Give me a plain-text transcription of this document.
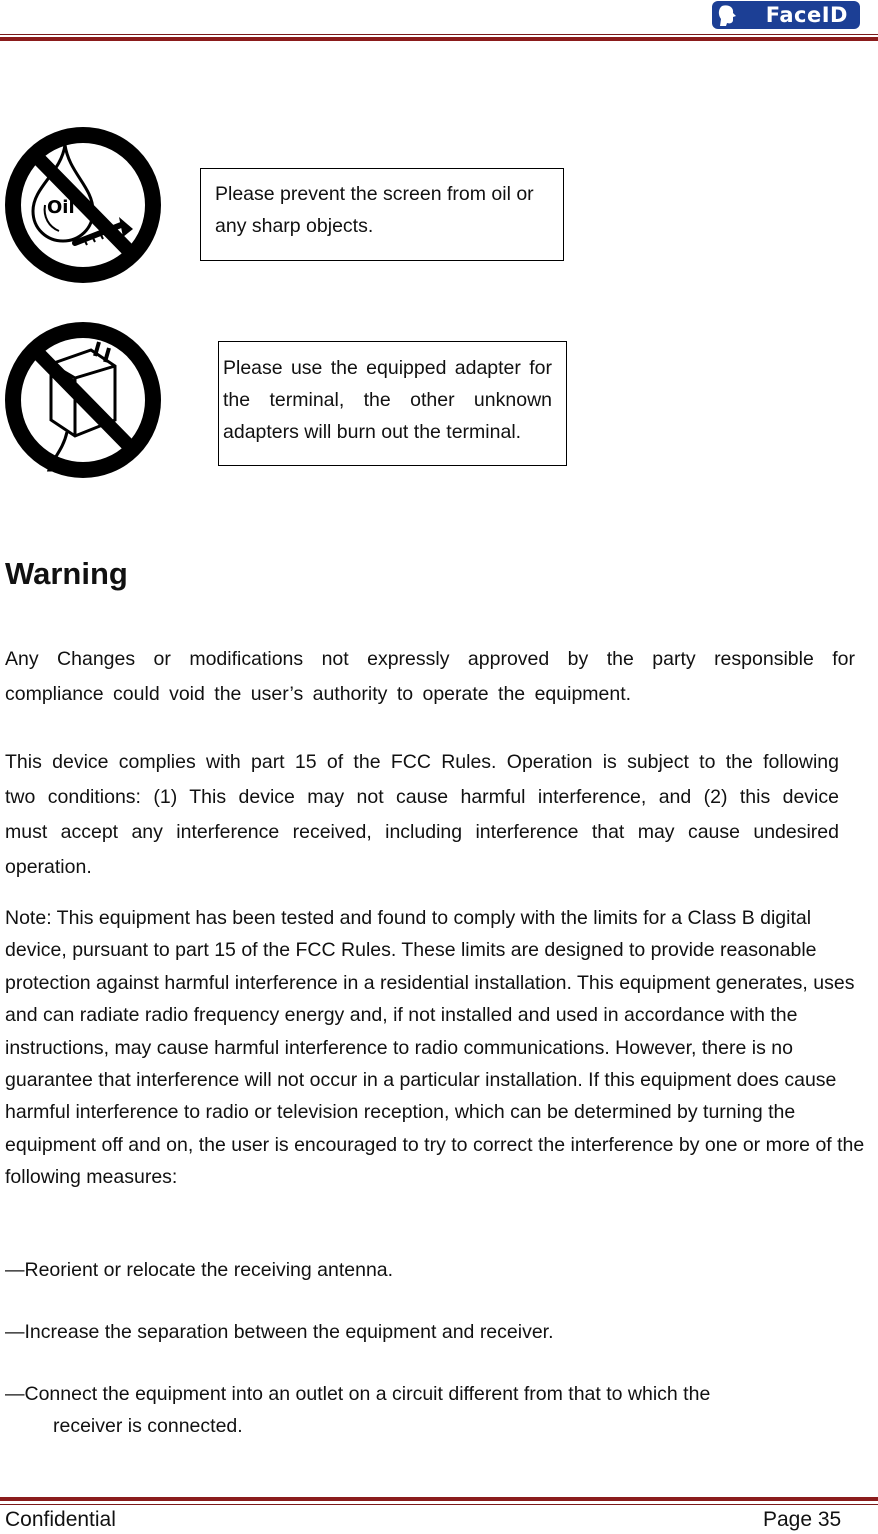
FaceID
Oil
Please prevent the screen from oil or any sharp objects.
Please use the equipped adapter for the terminal, the other unknown adapters will burn out the terminal.
Warning
Any Changes or modifications not expressly approved by the party responsible for compliance could void the user’s authority to operate the equipment.
This device complies with part 15 of the FCC Rules. Operation is subject to the following two conditions: (1) This device may not cause harmful interference, and (2) this device must accept any interference received, including interference that may cause undesired operation.
Note: This equipment has been tested and found to comply with the limits for a Class B digital device, pursuant to part 15 of the FCC Rules. These limits are designed to provide reasonable protection against harmful interference in a residential installation. This equipment generates, uses and can radiate radio frequency energy and, if not installed and used in accordance with the instructions, may cause harmful interference to radio communications. However, there is no guarantee that interference will not occur in a particular installation. If this equipment does cause harmful interference to radio or television reception, which can be determined by turning the equipment off and on, the user is encouraged to try to correct the interference by one or more of the following measures:
—Reorient or relocate the receiving antenna.
—Increase the separation between the equipment and receiver.
—Connect the equipment into an outlet on a circuit different from that to which the
receiver is connected.
Confidential	Page 35
